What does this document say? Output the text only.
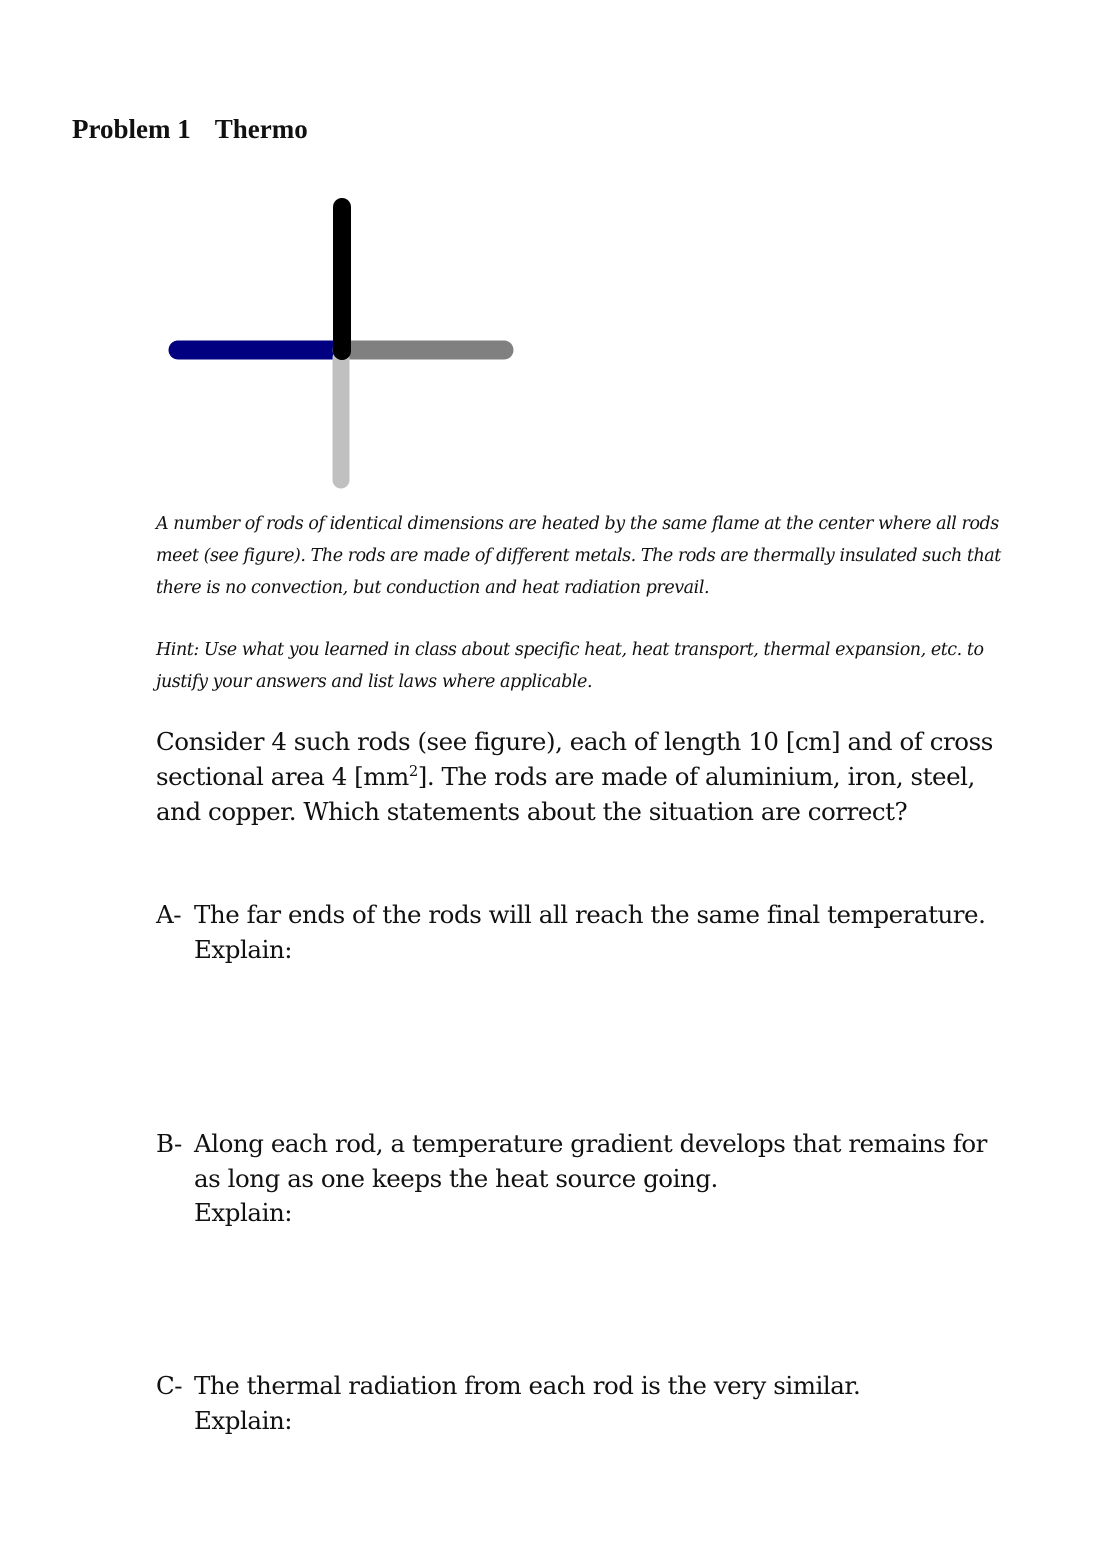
Problem 1 Thermo
A number of rods of identical dimensions are heated by the same flame at the center where all rods meet (see figure). The rods are made of different metals. The rods are thermally insulated such that there is no convection, but conduction and heat radiation prevail.
Hint: Use what you learned in class about specific heat, heat transport, thermal expansion, etc. to justify your answers and list laws where applicable.
Consider 4 such rods (see figure), each of length 10 [cm] and of cross sectional area 4 $[mm^2]$. The rods are made of aluminium, iron, steel, and copper. Which statements about the situation are correct?
A- The far ends of the rods will all reach the same final temperature.
Explain:
B- Along each rod, a temperature gradient develops that remains for as long as one keeps the heat source going.
Explain:
C- The thermal radiation from each rod is the very similar.
Explain:
